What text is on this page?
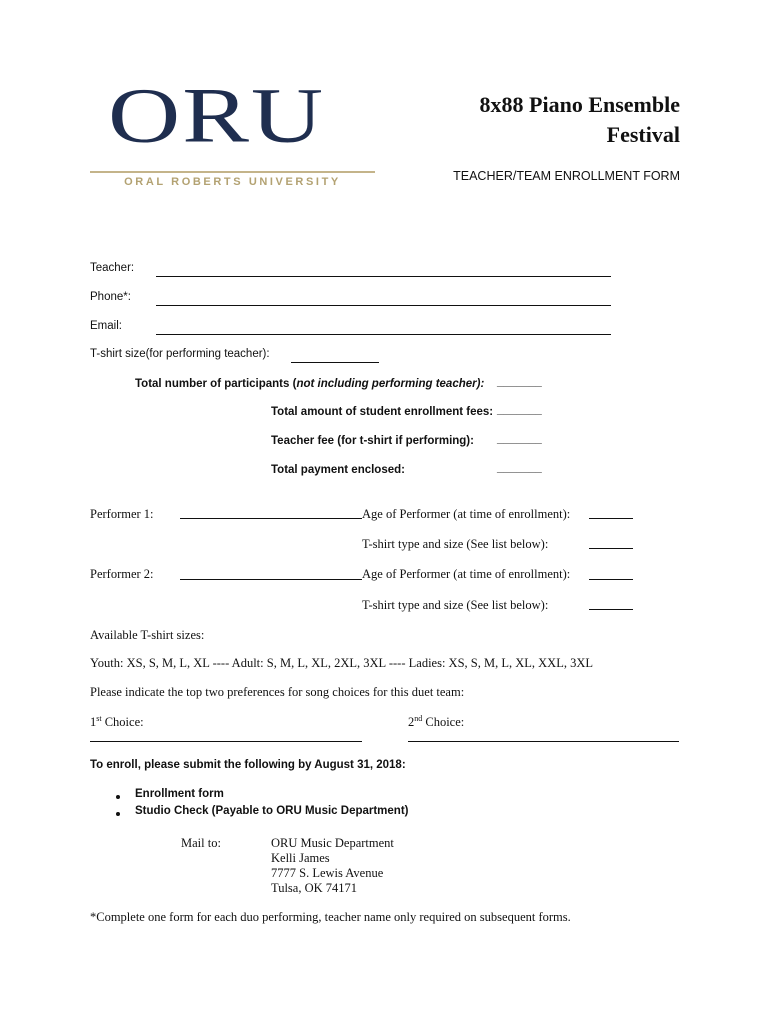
ORU
ORAL ROBERTS UNIVERSITY
8x88 Piano Ensemble
Festival
TEACHER/TEAM ENROLLMENT FORM
Teacher:
Phone*:
Email:
T-shirt size(for performing teacher):
Total number of participants (not including performing teacher): _______
Total amount of student enrollment fees: _______
Teacher fee (for t-shirt if performing): _______
Total payment enclosed:	_______
Performer 1:	Age of Performer (at time of enrollment):
T-shirt type and size (See list below):
Performer 2:	Age of Performer (at time of enrollment):
T-shirt type and size (See list below):
Available T-shirt sizes:
Youth: XS, S, M, L, XL ---- Adult: S, M, L, XL, 2XL, 3XL ---- Ladies: XS, S, M, L, XL, XXL, 3XL
Please indicate the top two preferences for song choices for this duet team:
1st Choice:	2nd Choice:
To enroll, please submit the following by August 31, 2018:
Enrollment form
Studio Check (Payable to ORU Music Department)
Mail to:	ORU Music Department
Kelli James
7777 S. Lewis Avenue
Tulsa, OK 74171
*Complete one form for each duo performing, teacher name only required on subsequent forms.
